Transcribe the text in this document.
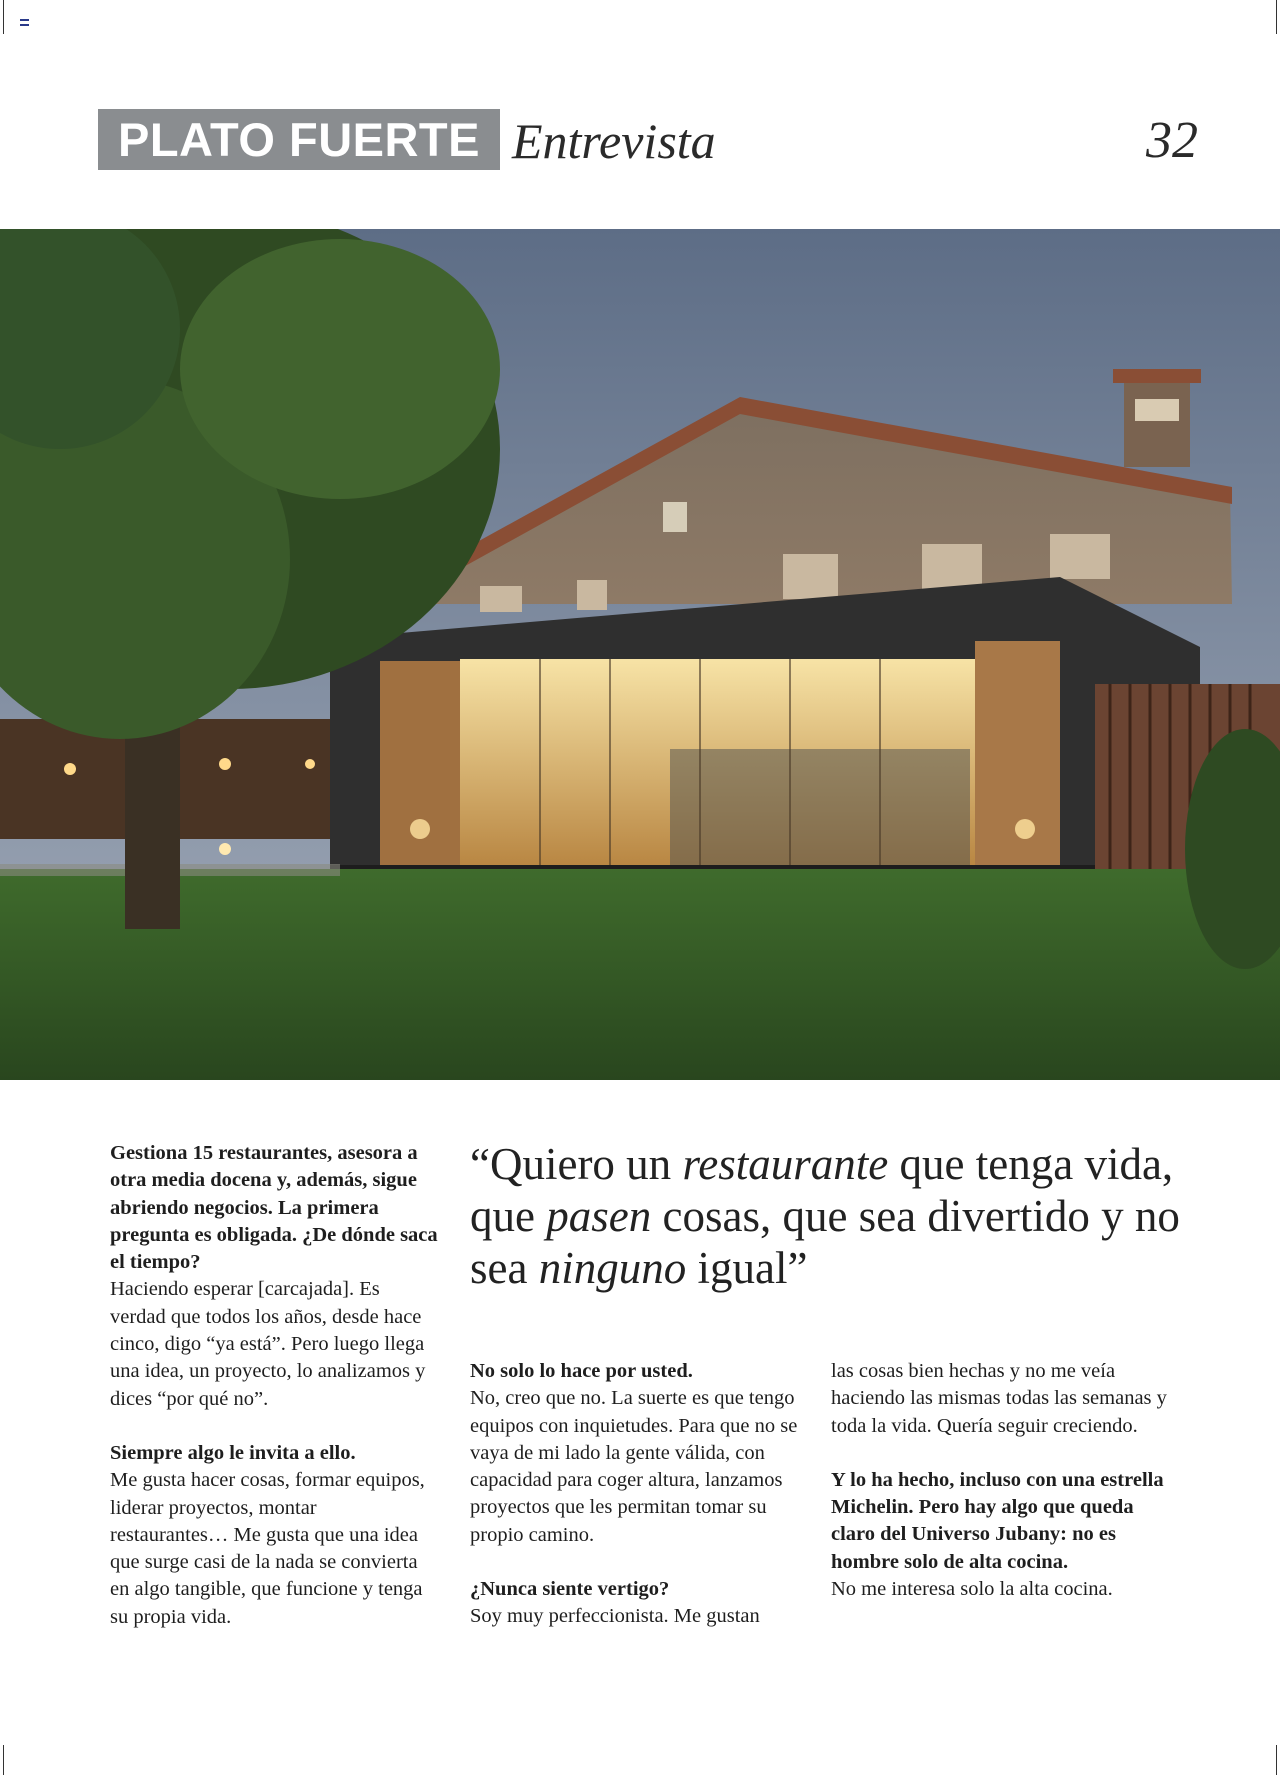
PLATO FUERTE Entrevista	32
“Quiero un restaurante que tenga vida, que pasen cosas, que sea divertido y no sea ninguno igual”

Gestiona 15 restaurantes, asesora a otra media docena y, además, sigue abriendo negocios. La primera pregunta es obligada. ¿De dónde saca el tiempo?

Haciendo esperar [carcajada]. Es verdad que todos los años, desde hace cinco, digo “ya está”. Pero luego llega una idea, un proyecto, lo analizamos y dices “por qué no”.

Siempre algo le invita a ello.

Me gusta hacer cosas, formar equipos, liderar proyectos, montar restaurantes… Me gusta que una idea que surge casi de la nada se convierta en algo tangible, que funcione y tenga su propia vida.

No solo lo hace por usted.

No, creo que no. La suerte es que tengo equipos con inquietudes. Para que no se vaya de mi lado la gente válida, con capacidad para coger altura, lanzamos proyectos que les permitan tomar su propio camino.

¿Nunca siente vertigo?

Soy muy perfeccionista. Me gustan

las cosas bien hechas y no me veía haciendo las mismas todas las semanas y toda la vida. Quería seguir creciendo.

Y lo ha hecho, incluso con una estrella Michelin. Pero hay algo que queda claro del Universo Jubany: no es hombre solo de alta cocina.

No me interesa solo la alta cocina.
